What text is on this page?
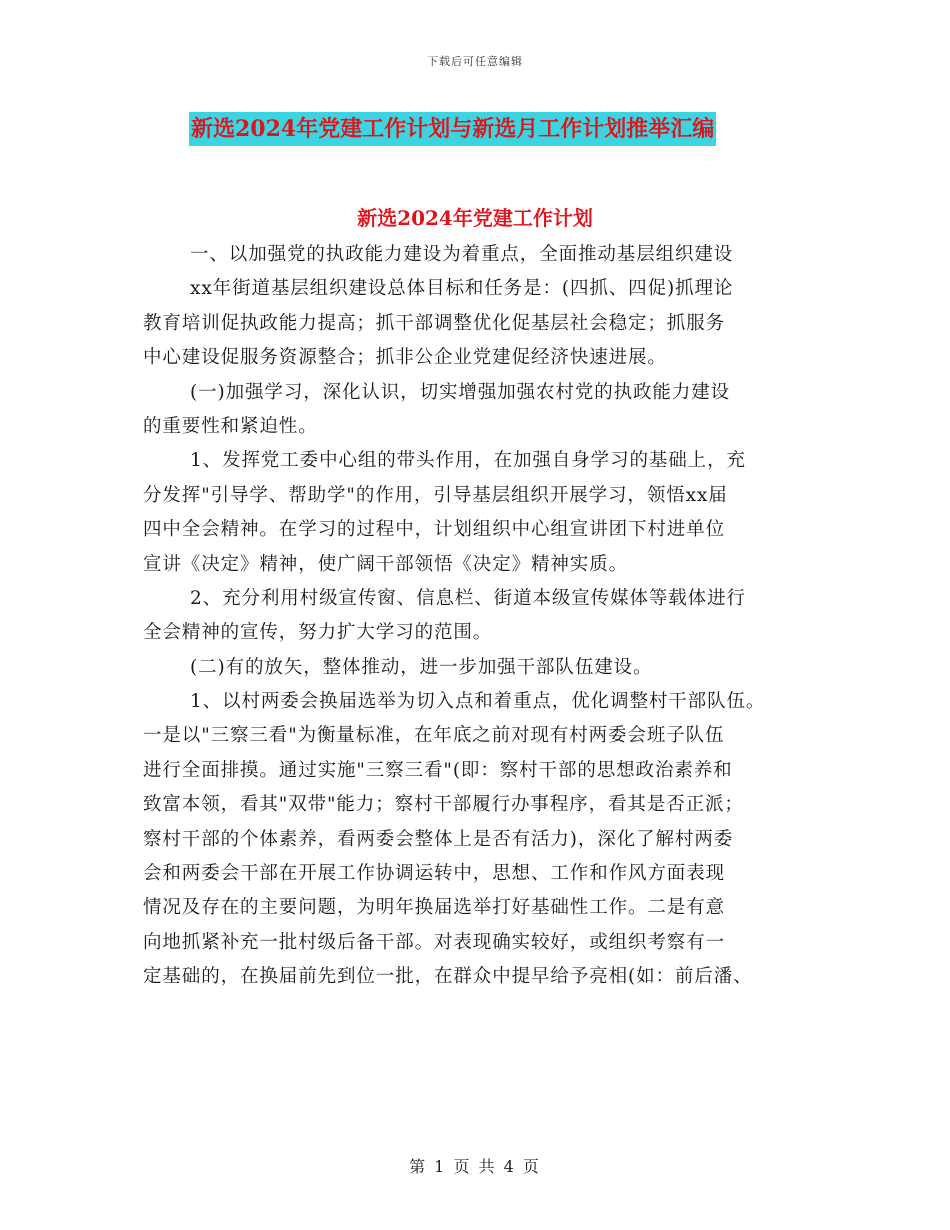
下载后可任意编辑
新选2024年党建工作计划与新选月工作计划推举汇编
新选2024年党建工作计划
一、以加强党的执政能力建设为着重点，全面推动基层组织建设
xx年街道基层组织建设总体目标和任务是：(四抓、四促)抓理论
教育培训促执政能力提高；抓干部调整优化促基层社会稳定；抓服务
中心建设促服务资源整合；抓非公企业党建促经济快速进展。
(一)加强学习，深化认识，切实增强加强农村党的执政能力建设
的重要性和紧迫性。
1、发挥党工委中心组的带头作用，在加强自身学习的基础上，充
分发挥"引导学、帮助学"的作用，引导基层组织开展学习，领悟xx届
四中全会精神。在学习的过程中，计划组织中心组宣讲团下村进单位
宣讲《决定》精神，使广阔干部领悟《决定》精神实质。
2、充分利用村级宣传窗、信息栏、街道本级宣传媒体等载体进行
全会精神的宣传，努力扩大学习的范围。
(二)有的放矢，整体推动，进一步加强干部队伍建设。
1、以村两委会换届选举为切入点和着重点，优化调整村干部队伍。
一是以"三察三看"为衡量标准，在年底之前对现有村两委会班子队伍
进行全面排摸。通过实施"三察三看"(即：察村干部的思想政治素养和
致富本领，看其"双带"能力；察村干部履行办事程序，看其是否正派；
察村干部的个体素养，看两委会整体上是否有活力)，深化了解村两委
会和两委会干部在开展工作协调运转中，思想、工作和作风方面表现
情况及存在的主要问题，为明年换届选举打好基础性工作。二是有意
向地抓紧补充一批村级后备干部。对表现确实较好，或组织考察有一
定基础的，在换届前先到位一批，在群众中提早给予亮相(如：前后潘、
第 1 页 共 4 页
